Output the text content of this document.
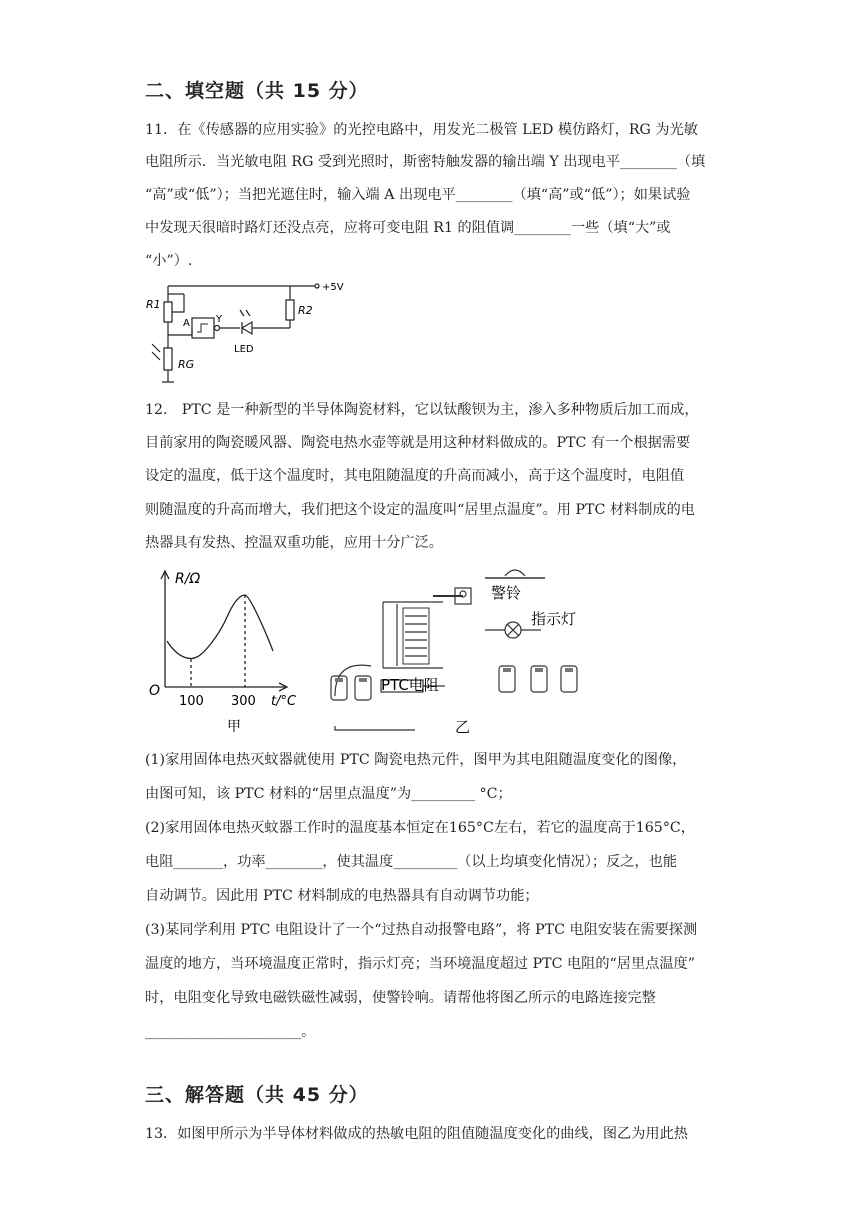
二、填空题（共 15 分）
11．在《传感器的应用实验》的光控电路中，用发光二极管 LED 模仿路灯，RG 为光敏
电阻所示．当光敏电阻 RG 受到光照时，斯密特触发器的输出端 Y 出现电平________（填
“高”或“低”）；当把光遮住时，输入端 A 出现电平________（填“高”或“低”）；如果试验
中发现天很暗时路灯还没点亮，应将可变电阻 R1 的阻值调________一些（填“大”或
“小”）.
R1	R2
RG
A	Y
LED
+5V
12． PTC 是一种新型的半导体陶瓷材料，它以钛酸钡为主，渗入多种物质后加工而成，
目前家用的陶瓷暖风器、陶瓷电热水壶等就是用这种材料做成的。PTC 有一个根据需要
设定的温度，低于这个温度时，其电阻随温度的升高而减小，高于这个温度时，电阻值
则随温度的升高而增大，我们把这个设定的温度叫“居里点温度”。用 PTC 材料制成的电
热器具有发热、控温双重功能，应用十分广泛。
R/Ω
t/°C
O
100 300
甲
警铃
指示灯
PTC电阻
乙
(1)家用固体电热灭蚊器就使用 PTC 陶瓷电热元件，图甲为其电阻随温度变化的图像，
由图可知，该 PTC 材料的“居里点温度”为_________ °C；
(2)家用固体电热灭蚊器工作时的温度基本恒定在165°C左右，若它的温度高于165°C，
电阻_______，功率________，使其温度_________（以上均填变化情况）；反之，也能
自动调节。因此用 PTC 材料制成的电热器具有自动调节功能；
(3)某同学利用 PTC 电阻设计了一个“过热自动报警电路”，将 PTC 电阻安装在需要探测
温度的地方，当环境温度正常时，指示灯亮；当环境温度超过 PTC 电阻的“居里点温度”
时，电阻变化导致电磁铁磁性减弱，使警铃响。请帮他将图乙所示的电路连接完整
______________________。
三、解答题（共 45 分）
13．如图甲所示为半导体材料做成的热敏电阻的阻值随温度变化的曲线，图乙为用此热
